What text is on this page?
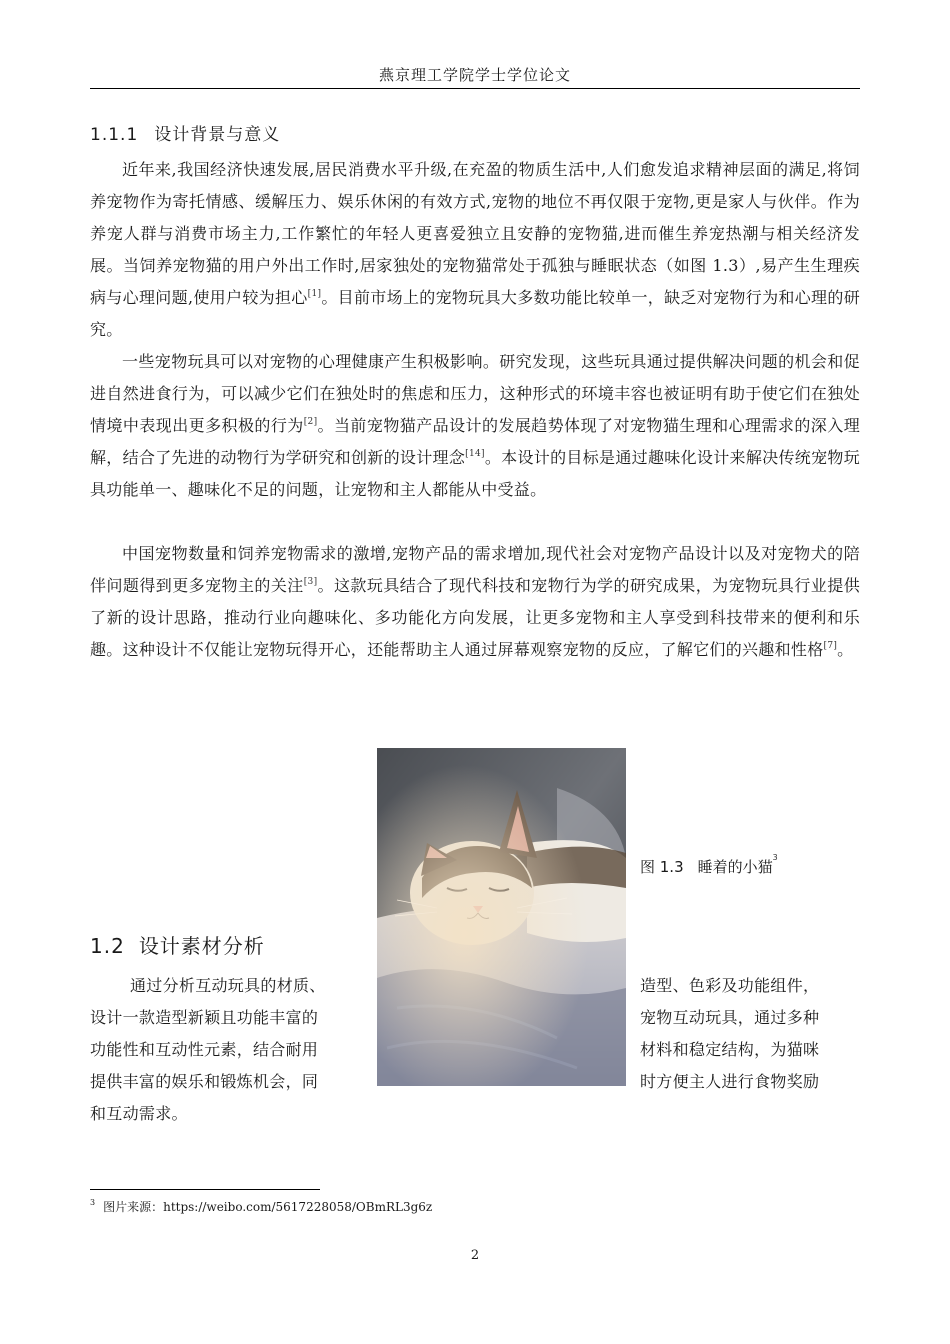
燕京理工学院学士学位论文
1.1.1 设计背景与意义

近年来,我国经济快速发展,居民消费水平升级,在充盈的物质生活中,人们愈发追求精神层面的满足,将饲养宠物作为寄托情感、缓解压力、娱乐休闲的有效方式,宠物的地位不再仅限于宠物,更是家人与伙伴。作为养宠人群与消费市场主力,工作繁忙的年轻人更喜爱独立且安静的宠物猫,进而催生养宠热潮与相关经济发展。当饲养宠物猫的用户外出工作时,居家独处的宠物猫常处于孤独与睡眠状态（如图 1.3）,易产生生理疾病与心理问题,使用户较为担心[1]。目前市场上的宠物玩具大多数功能比较单一，缺乏对宠物行为和心理的研究。

一些宠物玩具可以对宠物的心理健康产生积极影响。研究发现，这些玩具通过提供解决问题的机会和促进自然进食行为，可以减少它们在独处时的焦虑和压力，这种形式的环境丰容也被证明有助于使它们在独处情境中表现出更多积极的行为[2]。当前宠物猫产品设计的发展趋势体现了对宠物猫生理和心理需求的深入理解，结合了先进的动物行为学研究和创新的设计理念[14]。本设计的目标是通过趣味化设计来解决传统宠物玩具功能单一、趣味化不足的问题，让宠物和主人都能从中受益。

中国宠物数量和饲养宠物需求的激增,宠物产品的需求增加,现代社会对宠物产品设计以及对宠物犬的陪伴问题得到更多宠物主的关注[3]。这款玩具结合了现代科技和宠物行为学的研究成果，为宠物玩具行业提供了新的设计思路，推动行业向趣味化、多功能化方向发展，让更多宠物和主人享受到科技带来的便利和乐趣。这种设计不仅能让宠物玩得开心，还能帮助主人通过屏幕观察宠物的反应，了解它们的兴趣和性格[7]。

图 1.3 睡着的小猫$^3$
1.2 设计素材分析
通过分析互动玩具的材质、
设计一款造型新颖且功能丰富的
功能性和互动性元素，结合耐用
提供丰富的娱乐和锻炼机会，同
和互动需求。
造型、色彩及功能组件，
宠物互动玩具，通过多种
材料和稳定结构，为猫咪
时方便主人进行食物奖励
$^3$ 图片来源：https://weibo.com/5617228058/OBmRL3g6z
2
